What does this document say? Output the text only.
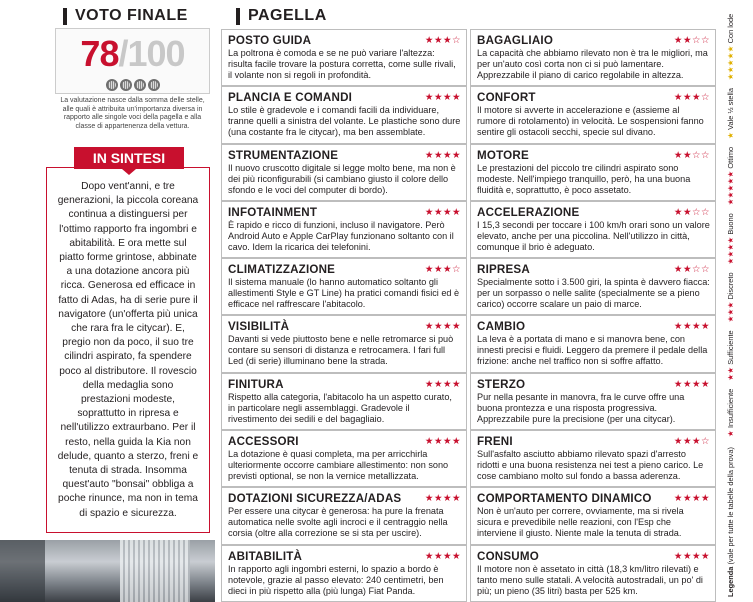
VOTO FINALE
78/100
La valutazione nasce dalla somma delle stelle, alle quali è attribuita un'importanza diversa in rapporto alle singole voci della pagella e alla classe di appartenenza della vettura.

Dopo vent'anni, e tre generazioni, la piccola coreana continua a distinguersi per l'ottimo rapporto fra ingombri e abitabilità. E ora mette sul piatto forme grintose, abbinate a una dotazione ancora più ricca. Generosa ed efficace in fatto di Adas, ha di serie pure il navigatore (un'offerta più unica che rara fra le citycar). E, pregio non da poco, il suo tre cilindri aspirato, fa spendere poco al distributore. Il rovescio della medaglia sono prestazioni modeste, soprattutto in ripresa e nell'utilizzo extraurbano. Per il resto, nella guida la Kia non delude, quanto a sterzo, freni e tenuta di strada. Insomma quest'auto "bonsai" obbliga a poche rinunce, ma non in tema di spazio e sicurezza.

IN SINTESI
PAGELLA
POSTO GUIDA	★★★☆
La poltrona è comoda e se ne può variare l'altezza: risulta facile trovare la postura corretta, come sulle rivali, il volante non si regoli in profondità.
BAGAGLIAIO	★★☆☆
La capacità che abbiamo rilevato non è tra le migliori, ma per un'auto così corta non ci si può lamentare. Apprezzabile il piano di carico regolabile in altezza.
PLANCIA E COMANDI	★★★★
Lo stile è gradevole e i comandi facili da individuare, tranne quelli a sinistra del volante. Le plastiche sono dure (una costante fra le citycar), ma ben assemblate.
CONFORT	★★★☆
Il motore si avverte in accelerazione e (assieme al rumore di rotolamento) in velocità. Le sospensioni fanno sentire gli ostacoli secchi, specie sul divano.
STRUMENTAZIONE	★★★★
Il nuovo cruscotto digitale si legge molto bene, ma non è dei più riconfigurabili (si cambiano giusto il colore dello sfondo e le voci del computer di bordo).
MOTORE	★★☆☆
Le prestazioni del piccolo tre cilindri aspirato sono modeste. Nell'impiego tranquillo, però, ha una buona fluidità e, soprattutto, è poco assetato.
INFOTAINMENT	★★★★
È rapido e ricco di funzioni, incluso il navigatore. Però Android Auto e Apple CarPlay funzionano soltanto con il cavo. Idem la ricarica dei telefonini.
ACCELERAZIONE	★★☆☆
I 15,3 secondi per toccare i 100 km/h orari sono un valore elevato, anche per una piccolina. Nell'utilizzo in città, comunque il brio è adeguato.
CLIMATIZZAZIONE	★★★☆
Il sistema manuale (lo hanno automatico soltanto gli allestimenti Style e GT Line) ha pratici comandi fisici ed è efficace nel raffrescare l'abitacolo.
RIPRESA	★★☆☆
Specialmente sotto i 3.500 giri, la spinta è davvero fiacca: per un sorpasso o nelle salite (specialmente se a pieno carico) occorre scalare un paio di marce.
VISIBILITÀ	★★★★
Davanti si vede piuttosto bene e nelle retromarce si può contare su sensori di distanza e retrocamera. I fari full Led (di serie) illuminano bene la strada.
CAMBIO	★★★★
La leva è a portata di mano e si manovra bene, con innesti precisi e fluidi. Leggero da premere il pedale della frizione: anche nel traffico non si soffre affatto.
FINITURA	★★★★
Rispetto alla categoria, l'abitacolo ha un aspetto curato, in particolare negli assemblaggi. Gradevole il rivestimento dei sedili e del bagagliaio.
STERZO	★★★★
Pur nella pesante in manovra, fra le curve offre una buona prontezza e una risposta progressiva. Apprezzabile pure la precisione (per una citycar).
ACCESSORI	★★★★
La dotazione è quasi completa, ma per arricchirla ulteriormente occorre cambiare allestimento: non sono previsti optional, se non la vernice metallizzata.
FRENI	★★★☆
Sull'asfalto asciutto abbiamo rilevato spazi d'arresto ridotti e una buona resistenza nei test a pieno carico. Le cose cambiano molto sul fondo a bassa aderenza.
DOTAZIONI SICUREZZA/ADAS ★★★★
Per essere una citycar è generosa: ha pure la frenata automatica nelle svolte agli incroci e il centraggio nella corsia (oltre alla correzione se si sta per uscire).
COMPORTAMENTO DINAMICO ★★★★
Non è un'auto per correre, ovviamente, ma si rivela sicura e prevedibile nelle reazioni, con l'Esp che interviene il giusto. Niente male la tenuta di strada.
ABITABILITÀ	★★★★
In rapporto agli ingombri esterni, lo spazio a bordo è notevole, grazie al passo elevato: 240 centimetri, ben dieci in più rispetto alla (più lunga) Fiat Panda.
CONSUMO	★★★★
Il motore non è assetato in città (18,3 km/litro rilevati) e tanto meno sulle statali. A velocità autostradali, un po' di più; un pieno (35 litri) basta per 525 km.	Legenda (vale per tutte le tabelle della prova) ★ Insufficiente★★ Sufficiente★★★ Discreto★★★★ Buono★★★★★ Ottimo★ Vale ½ stella★★★★★ Con lode
